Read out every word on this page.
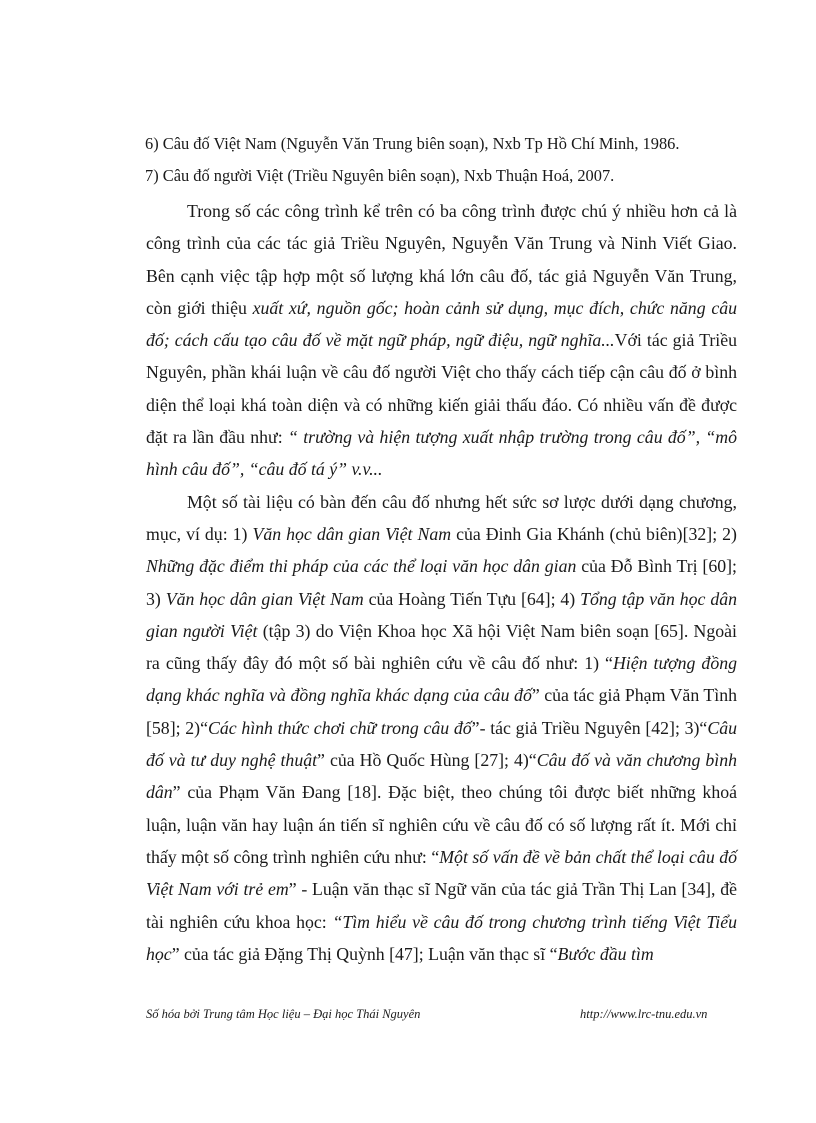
6) Câu đố Việt Nam (Nguyễn Văn Trung biên soạn), Nxb Tp Hồ Chí Minh, 1986.
7) Câu đố người Việt (Triều Nguyên biên soạn), Nxb Thuận Hoá, 2007.

Trong số các công trình kể trên có ba công trình được chú ý nhiều hơn cả là công trình của các tác giả Triều Nguyên, Nguyễn Văn Trung và Ninh Viết Giao. Bên cạnh việc tập hợp một số lượng khá lớn câu đố, tác giả Nguyễn Văn Trung, còn giới thiệu xuất xứ, nguồn gốc; hoàn cảnh sử dụng, mục đích, chức năng câu đố; cách cấu tạo câu đố về mặt ngữ pháp, ngữ điệu, ngữ nghĩa...Với tác giả Triều Nguyên, phần khái luận về câu đố người Việt cho thấy cách tiếp cận câu đố ở bình diện thể loại khá toàn diện và có những kiến giải thấu đáo. Có nhiều vấn đề được đặt ra lần đầu như: “ trường và hiện tượng xuất nhập trường trong câu đố”, “mô hình câu đố”, “câu đố tá ý” v.v...

Một số tài liệu có bàn đến câu đố nhưng hết sức sơ lược dưới dạng chương, mục, ví dụ: 1) Văn học dân gian Việt Nam của Đinh Gia Khánh (chủ biên)[32]; 2) Những đặc điểm thi pháp của các thể loại văn học dân gian của Đỗ Bình Trị [60]; 3) Văn học dân gian Việt Nam của Hoàng Tiến Tựu [64]; 4) Tổng tập văn học dân gian người Việt (tập 3) do Viện Khoa học Xã hội Việt Nam biên soạn [65]. Ngoài ra cũng thấy đây đó một số bài nghiên cứu về câu đố như: 1) “Hiện tượng đồng dạng khác nghĩa và đồng nghĩa khác dạng của câu đố” của tác giả Phạm Văn Tình [58]; 2)“Các hình thức chơi chữ trong câu đố”- tác giả Triều Nguyên [42]; 3)“Câu đố và tư duy nghệ thuật” của Hồ Quốc Hùng [27]; 4)“Câu đố và văn chương bình dân” của Phạm Văn Đang [18]. Đặc biệt, theo chúng tôi được biết những khoá luận, luận văn hay luận án tiến sĩ nghiên cứu về câu đố có số lượng rất ít. Mới chỉ thấy một số công trình nghiên cứu như: “Một số vấn đề về bản chất thể loại câu đố Việt Nam với trẻ em” - Luận văn thạc sĩ Ngữ văn của tác giả Trần Thị Lan [34], đề tài nghiên cứu khoa học: “Tìm hiểu về câu đố trong chương trình tiếng Việt Tiểu học” của tác giả Đặng Thị Quỳnh [47]; Luận văn thạc sĩ “Bước đầu tìm

Số hóa bởi Trung tâm Học liệu – Đại học Thái Nguyên	http://www.lrc-tnu.edu.vn
